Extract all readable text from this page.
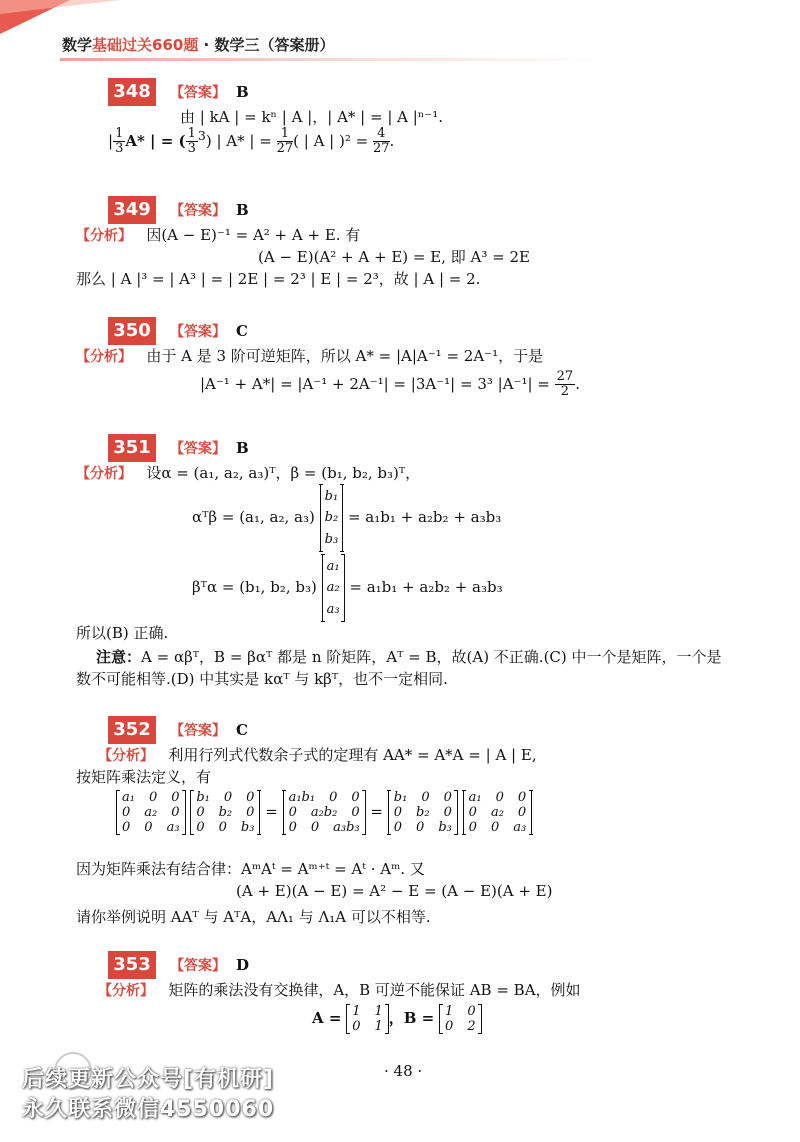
数学基础过关660题 · 数学三（答案册）
348 【答案】 B
由 | kA | = kⁿ | A |，| A* | = | A |ⁿ⁻¹.
| $\frac{1}{3} A*$ | = ( $\frac{1}{3} ^3$) | A* | = $\frac{1}{27}$ ( | A | )$^2 = \frac{4}{27}$ .
349 【答案】 B
【分析】 因(A − E)⁻¹ = A² + A + E. 有
(A − E)(A² + A + E) = E, 即 A³ = 2E
那么 | A |³ = | A³ | = | 2E | = 2³ | E | = 2³，故 | A | = 2.
350 【答案】 C
【分析】 由于 A 是 3 阶可逆矩阵，所以 A* = |A|A⁻¹ = 2A⁻¹，于是
|A⁻¹ + A*| = |A⁻¹ + 2A⁻¹| = |3A⁻¹| = 3³ $|A^{-1}| = \frac{27}{2}$ .
351 【答案】 B
【分析】 设α = (a₁, a₂, a₃)ᵀ，β = (b₁, b₂, b₃)ᵀ，
αᵀβ = (a₁, a₂, a₃)
b₁
b₂
b₃
= a₁b₁ + a₂b₂ + a₃b₃
βᵀα = (b₁, b₂, b₃)
a₁
a₂
a₃
= a₁b₁ + a₂b₂ + a₃b₃
所以(B) 正确.
注意：A = αβᵀ，B = βαᵀ 都是 n 阶矩阵，Aᵀ = B，故(A) 不正确.(C) 中一个是矩阵，一个是
数不可能相等.(D) 中其实是 kαᵀ 与 kβᵀ，也不一定相同.
352 【答案】 C
【分析】 利用行列式代数余子式的定理有 AA* = A*A = | A | E,
按矩阵乘法定义，有
a₁ 0 0
0 a₂ 0
0 0 a₃

b₁ 0 0
0 b₂ 0
0 0 b₃
=
a₁b₁ 0 0
0 a₂b₂ 0
0 0 a₃b₃
=
b₁ 0 0
0 b₂ 0
0 0 b₃

a₁ 0 0
0 a₂ 0
0 0 a₃
因为矩阵乘法有结合律：AᵐAᵗ = Aᵐ⁺ᵗ = Aᵗ · Aᵐ. 又
(A + E)(A − E) = A² − E = (A − E)(A + E)
请你举例说明 AAᵀ 与 AᵀA，AΛ₁ 与 Λ₁A 可以不相等.
353 【答案】 D
【分析】 矩阵的乘法没有交换律，A，B 可逆不能保证 AB = BA，例如
A = 1 1
0 1 ，B = 1 0
0 2
· 48 ·
后续更新公众号[有机研]
永久联系微信4550060
